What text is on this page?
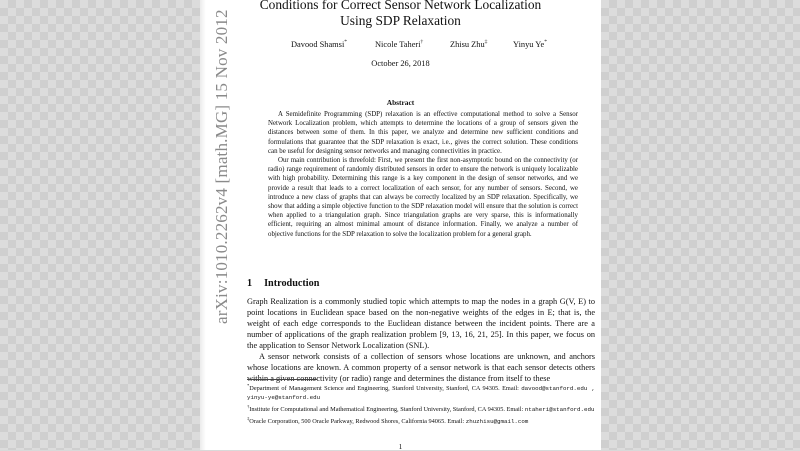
arXiv:1010.2262v4 [math.MG] 15 Nov 2012
Conditions for Correct Sensor Network Localization
Using SDP Relaxation
Davood Shamsi*	Nicole Taheri†	Zhisu Zhu‡	Yinyu Ye*
October 26, 2018
Abstract

A Semidefinite Programming (SDP) relaxation is an effective computational method to solve a Sensor Network Localization problem, which attempts to determine the locations of a group of sensors given the distances between some of them. In this paper, we analyze and determine new sufficient conditions and formulations that guarantee that the SDP relaxation is exact, i.e., gives the correct solution. These conditions can be useful for designing sensor networks and managing connectivities in practice.

Our main contribution is threefold: First, we present the first non-asymptotic bound on the connectivity (or radio) range requirement of randomly distributed sensors in order to ensure the network is uniquely localizable with high probability. Determining this range is a key component in the design of sensor networks, and we provide a result that leads to a correct localization of each sensor, for any number of sensors. Second, we introduce a new class of graphs that can always be correctly localized by an SDP relaxation. Specifically, we show that adding a simple objective function to the SDP relaxation model will ensure that the solution is correct when applied to a triangulation graph. Since triangulation graphs are very sparse, this is informationally efficient, requiring an almost minimal amount of distance information. Finally, we analyze a number of objective functions for the SDP relaxation to solve the localization problem for a general graph.

1 Introduction

Graph Realization is a commonly studied topic which attempts to map the nodes in a graph G(V, E) to point locations in Euclidean space based on the non-negative weights of the edges in E; that is, the weight of each edge corresponds to the Euclidean distance between the incident points. There are a number of applications of the graph realization problem [9, 13, 16, 21, 25]. In this paper, we focus on the application to Sensor Network Localization (SNL).

A sensor network consists of a collection of sensors whose locations are unknown, and anchors whose locations are known. A common property of a sensor network is that each sensor detects others within a given connectivity (or radio) range and determines the distance from itself to these

*Department of Management Science and Engineering, Stanford University, Stanford, CA 94305. Email: davood@stanford.edu , yinyu-ye@stanford.edu
†Institute for Computational and Mathematical Engineering, Stanford University, Stanford, CA 94305. Email: ntaheri@stanford.edu
‡Oracle Corporation, 500 Oracle Parkway, Redwood Shores, California 94065. Email: zhuzhisu@gmail.com
1
